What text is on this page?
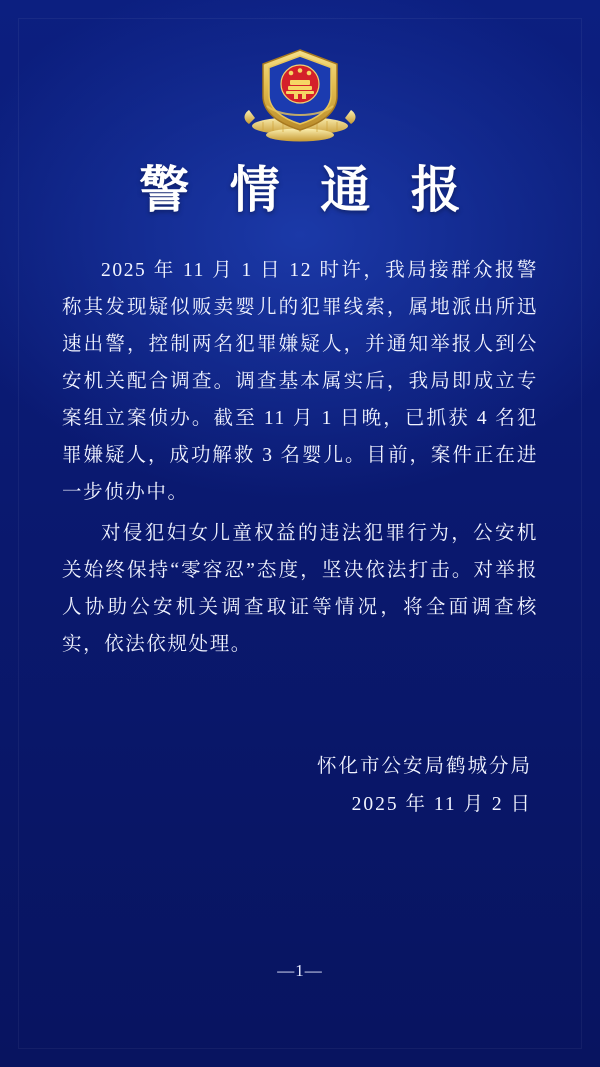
警 情 通 报

2025 年 11 月 1 日 12 时许，我局接群众报警称其发现疑似贩卖婴儿的犯罪线索，属地派出所迅速出警，控制两名犯罪嫌疑人，并通知举报人到公安机关配合调查。调查基本属实后，我局即成立专案组立案侦办。截至 11 月 1 日晚，已抓获 4 名犯罪嫌疑人，成功解救 3 名婴儿。目前，案件正在进一步侦办中。

对侵犯妇女儿童权益的违法犯罪行为，公安机关始终保持“零容忍”态度，坚决依法打击。对举报人协助公安机关调查取证等情况，将全面调查核实，依法依规处理。

怀化市公安局鹤城分局
2025 年 11 月 2 日
—1—
